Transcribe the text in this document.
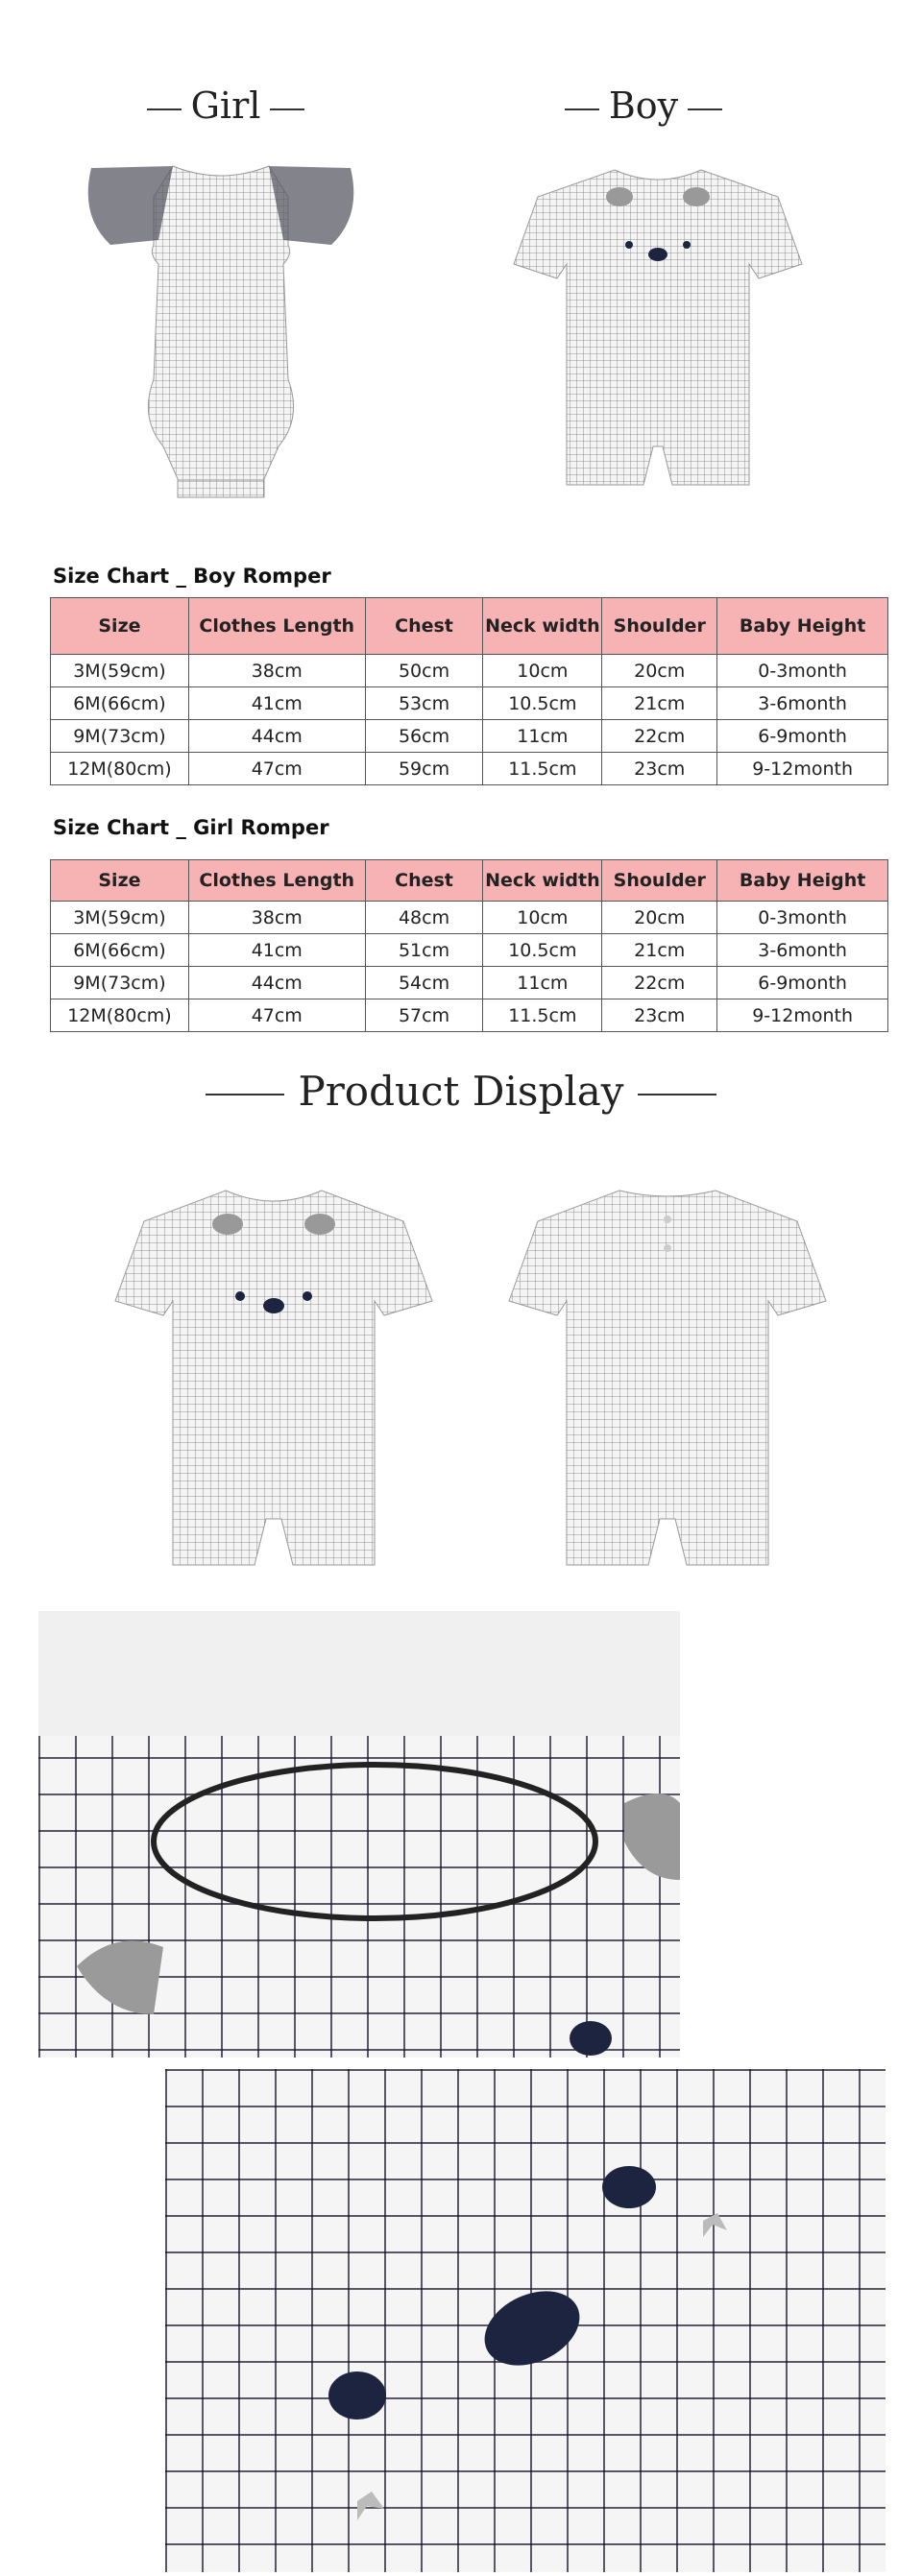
Girl	Boy
Size Chart _ Boy Romper
Size	Clothes Length	Chest	Neck width	Shoulder	Baby Height
3M(59cm)	38cm	50cm	10cm	20cm	0-3month
6M(66cm)	41cm	53cm	10.5cm	21cm	3-6month
9M(73cm)	44cm	56cm	11cm	22cm	6-9month
12M(80cm)	47cm	59cm	11.5cm	23cm	9-12month
Size Chart _ Girl Romper
Size	Clothes Length	Chest	Neck width	Shoulder	Baby Height
3M(59cm)	38cm	48cm	10cm	20cm	0-3month
6M(66cm)	41cm	51cm	10.5cm	21cm	3-6month
9M(73cm)	44cm	54cm	11cm	22cm	6-9month
12M(80cm)	47cm	57cm	11.5cm	23cm	9-12month
Product Display
